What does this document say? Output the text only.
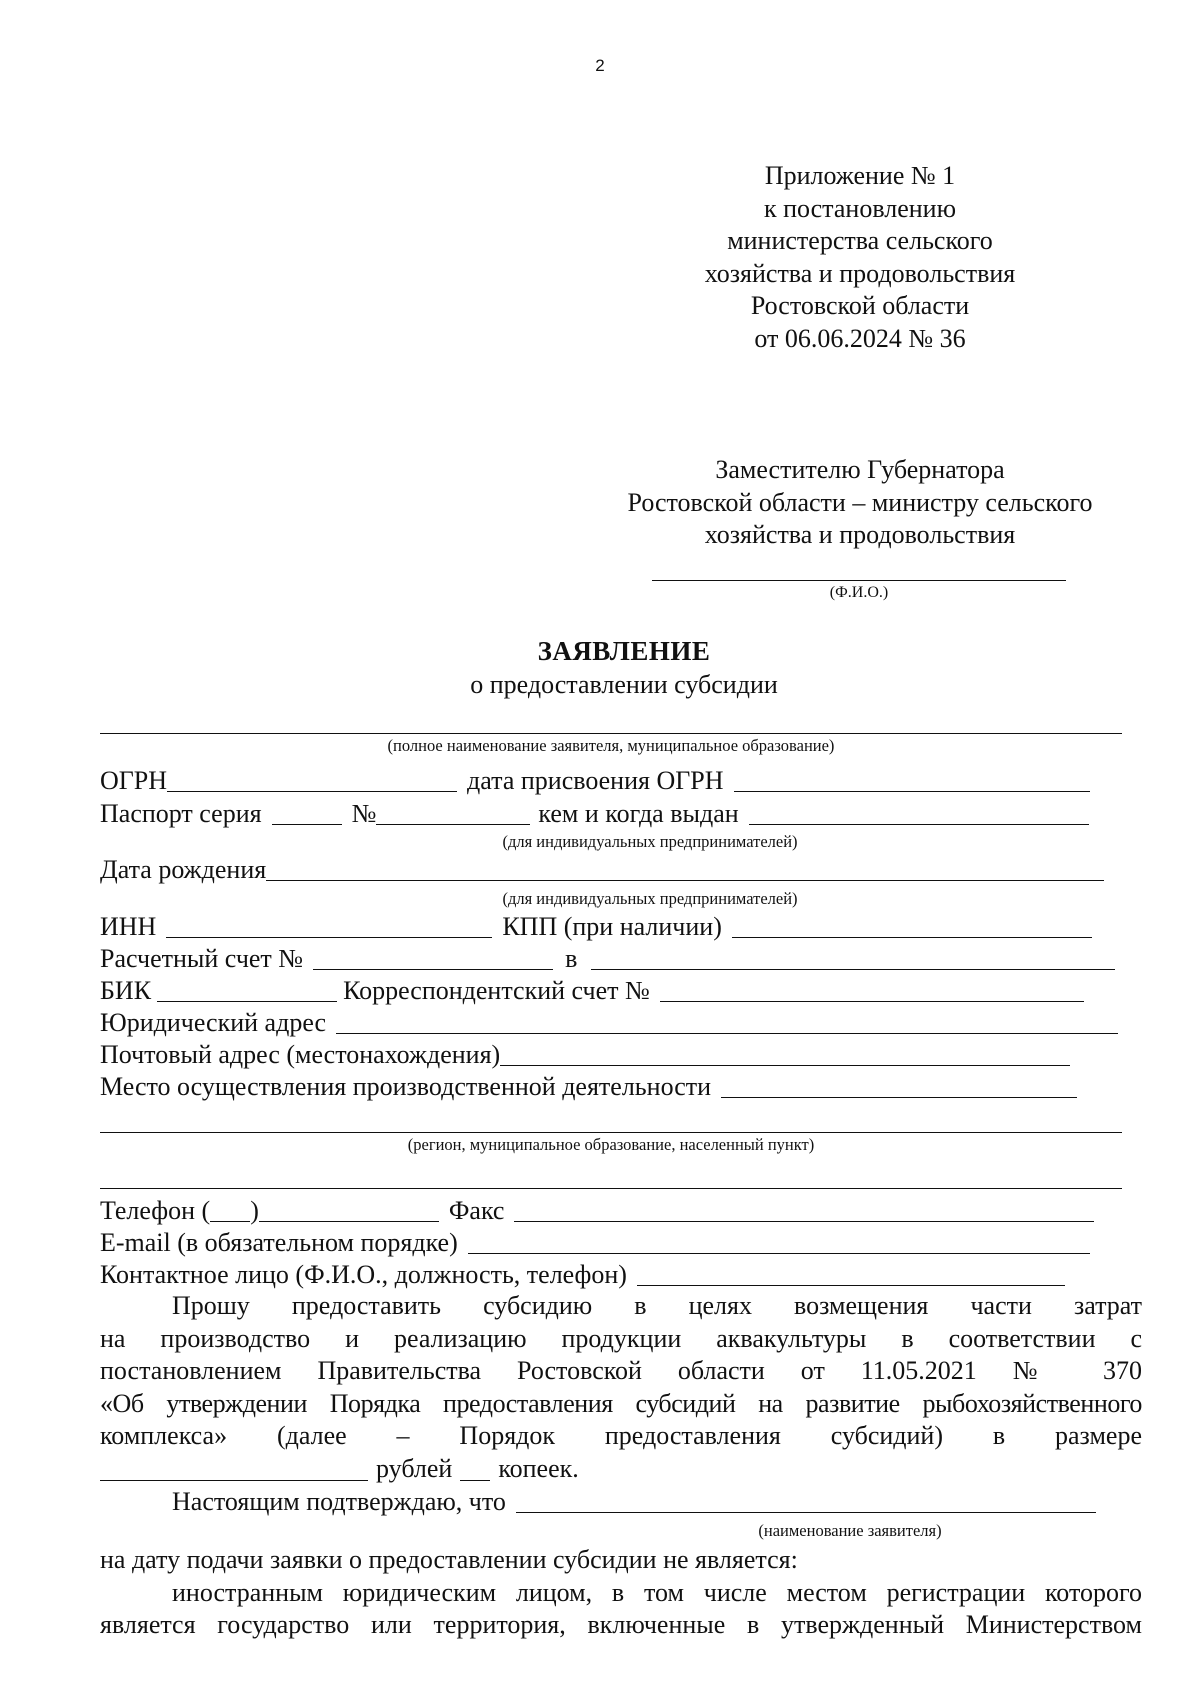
2
Приложение № 1
к постановлению
министерства сельского
хозяйства и продовольствия
Ростовской области
от 06.06.2024 № 36
Заместителю Губернатора
Ростовской области – министру сельского
хозяйства и продовольствия
(Ф.И.О.)
ЗАЯВЛЕНИЕ
о предоставлении субсидии
(полное наименование заявителя, муниципальное образование)
ОГРН	дата присвоения ОГРН
Паспорт серия	№	кем и когда выдан
(для индивидуальных предпринимателей)
Дата рождения
(для индивидуальных предпринимателей)
ИНН	КПП (при наличии)
Расчетный счет №	в
БИК	Корреспондентский счет №
Юридический адрес
Почтовый адрес (местонахождения)
Место осуществления производственной деятельности
(регион, муниципальное образование, населенный пункт)
Телефон ( )	Факс
E-mail (в обязательном порядке)
Контактное лицо (Ф.И.О., должность, телефон)
Прошу предоставить субсидию в целях возмещения части затрат
на производство и реализацию продукции аквакультуры в соответствии с
постановлением Правительства Ростовской области от 11.05.2021 № 370
«Об утверждении Порядка предоставления субсидий на развитие рыбохозяйственного
комплекса» (далее – Порядок предоставления субсидий) в размере
рублей копеек.
Настоящим подтверждаю, что
(наименование заявителя)
на дату подачи заявки о предоставлении субсидии не является:
иностранным юридическим лицом, в том числе местом регистрации которого
является государство или территория, включенные в утвержденный Министерством
